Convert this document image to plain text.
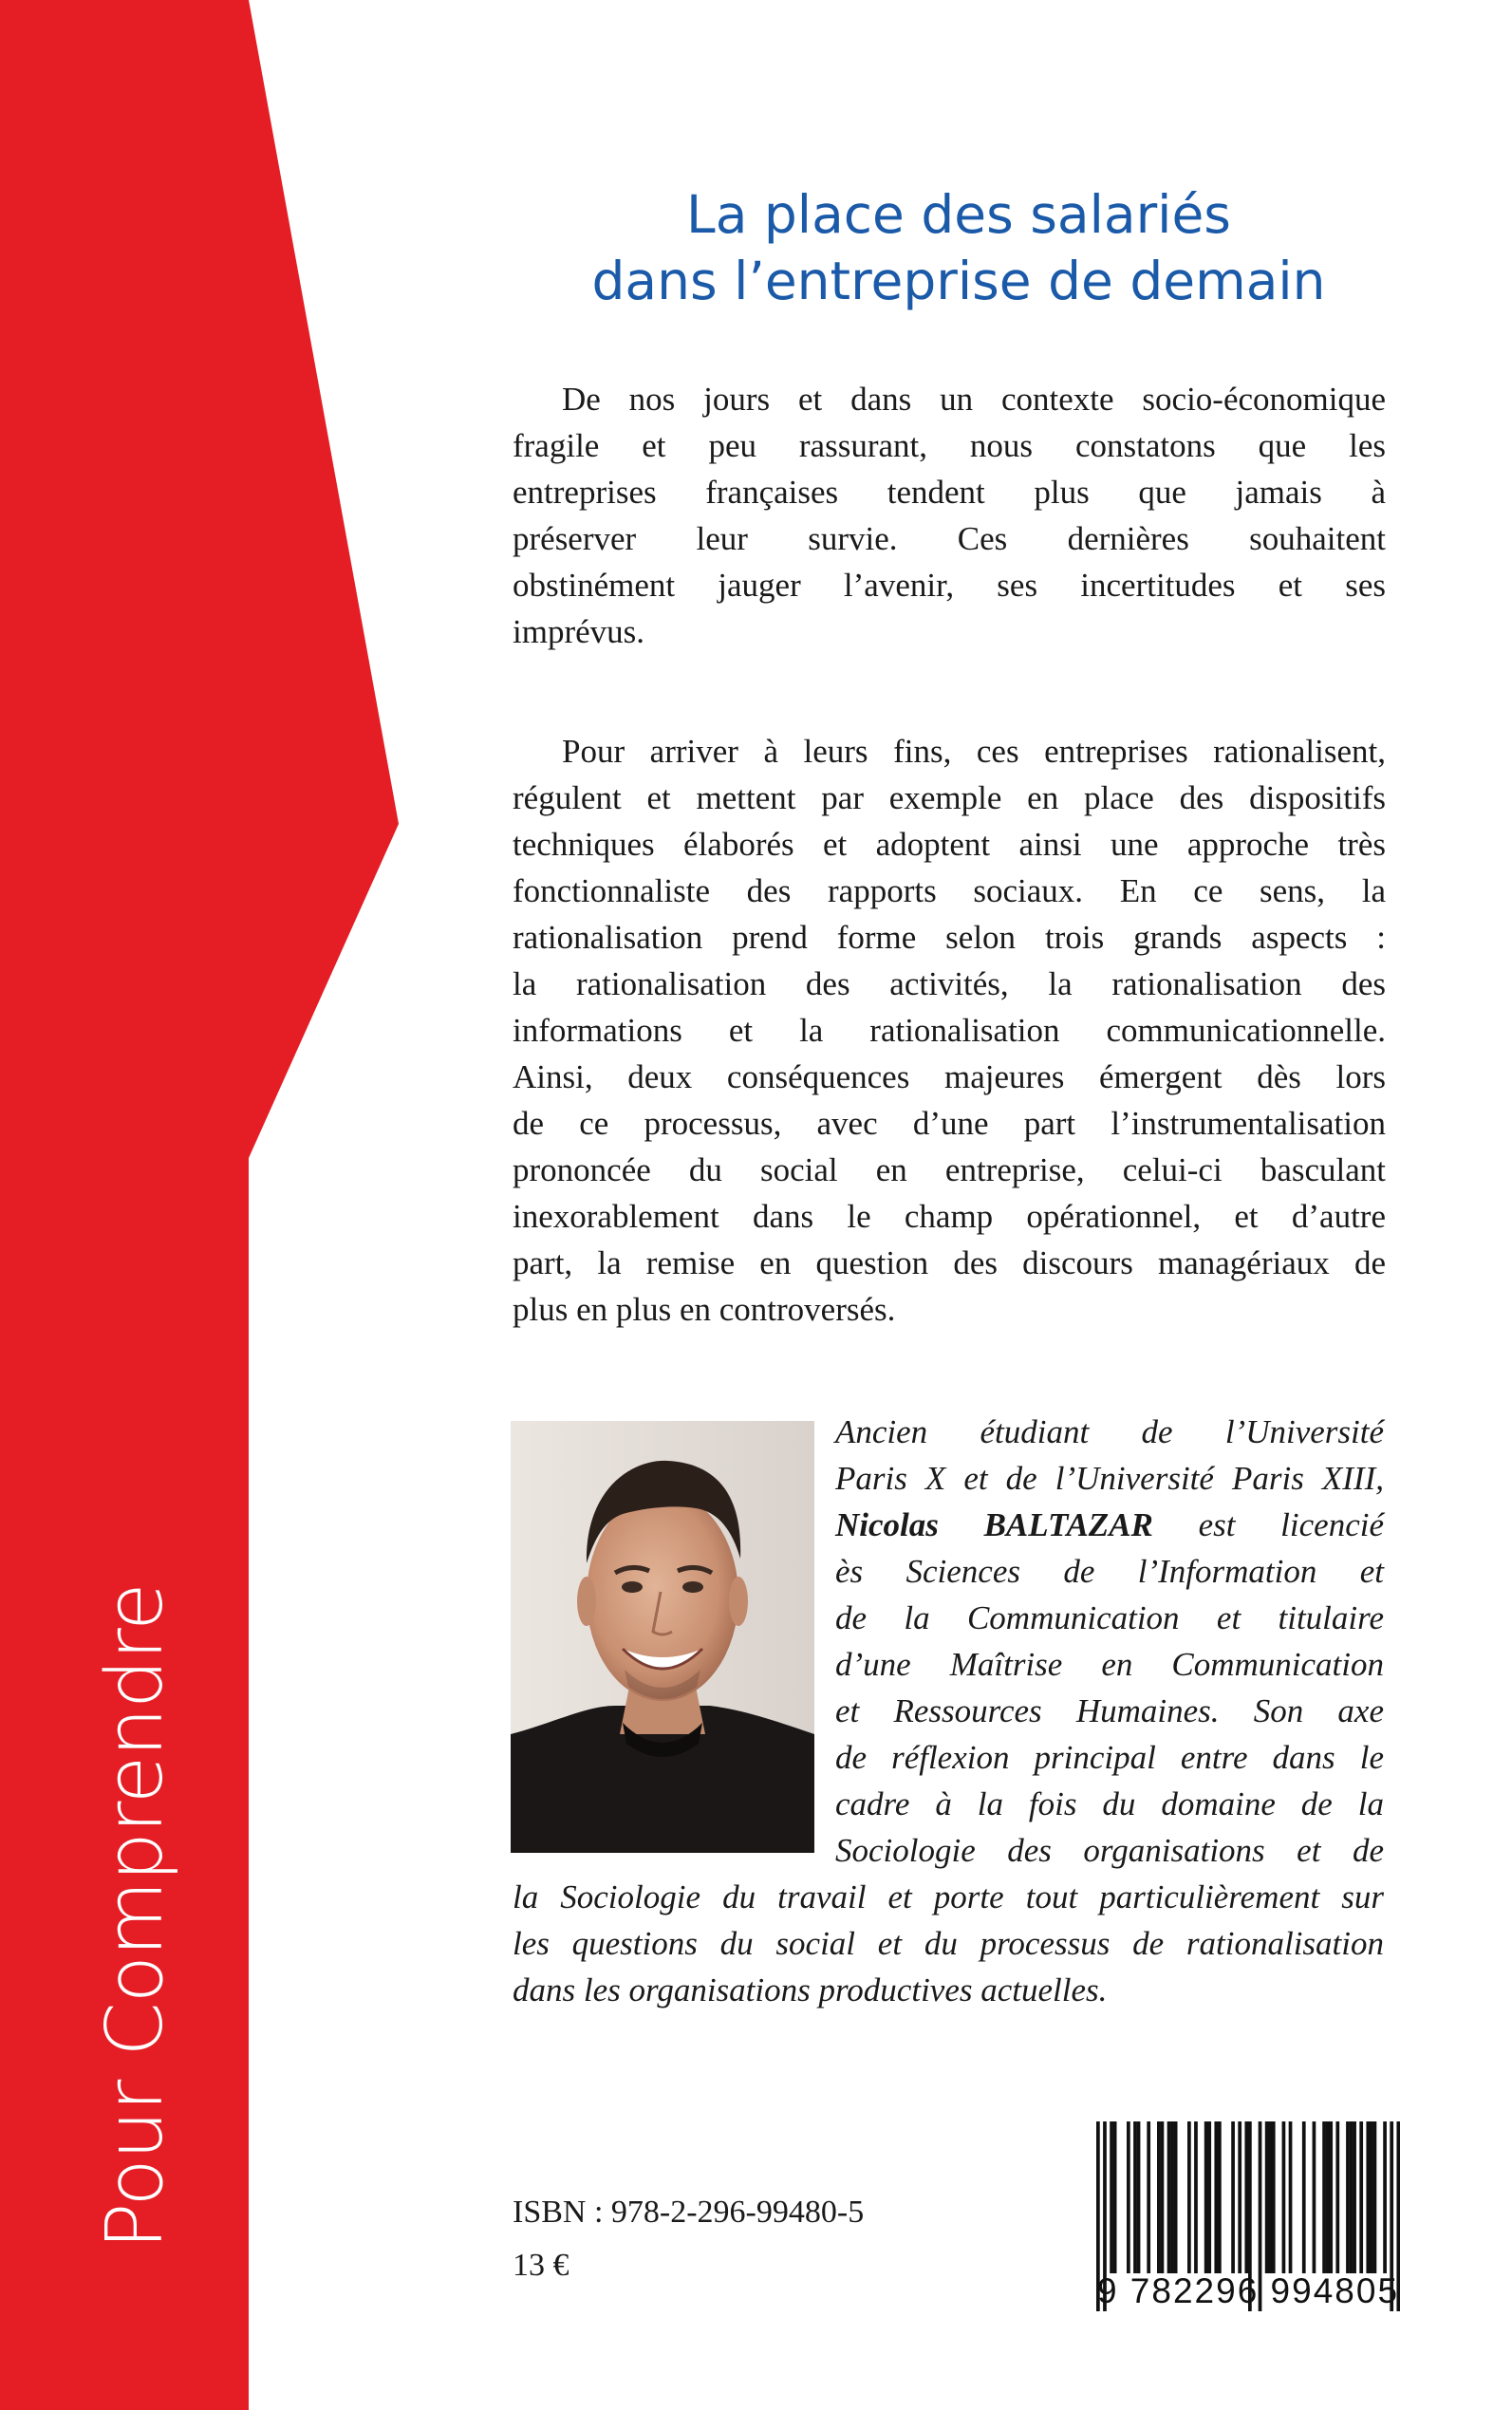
Pour Comprendre
La place des salariés
dans l’entreprise de demain
De nos jours et dans un contexte socio-économique
fragile et peu rassurant, nous constatons que les
entreprises françaises tendent plus que jamais à
préserver leur survie. Ces dernières souhaitent
obstinément jauger l’avenir, ses incertitudes et ses
imprévus.
Pour arriver à leurs fins, ces entreprises rationalisent,
régulent et mettent par exemple en place des dispositifs
techniques élaborés et adoptent ainsi une approche très
fonctionnaliste des rapports sociaux. En ce sens, la
rationalisation prend forme selon trois grands aspects :
la rationalisation des activités, la rationalisation des
informations et la rationalisation communicationnelle.
Ainsi, deux conséquences majeures émergent dès lors
de ce processus, avec d’une part l’instrumentalisation
prononcée du social en entreprise, celui-ci basculant
inexorablement dans le champ opérationnel, et d’autre
part, la remise en question des discours managériaux de
plus en plus en controversés.
Ancien étudiant de l’Université
Paris X et de l’Université Paris XIII,
Nicolas BALTAZAR est licencié
ès Sciences de l’Information et
de la Communication et titulaire
d’une Maîtrise en Communication
et Ressources Humaines. Son axe
de réflexion principal entre dans le
cadre à la fois du domaine de la
Sociologie des organisations et de
la Sociologie du travail et porte tout particulièrement sur
les questions du social et du processus de rationalisation
dans les organisations productives actuelles.
ISBN : 978-2-296-99480-5
13 €
9 782296 994805
